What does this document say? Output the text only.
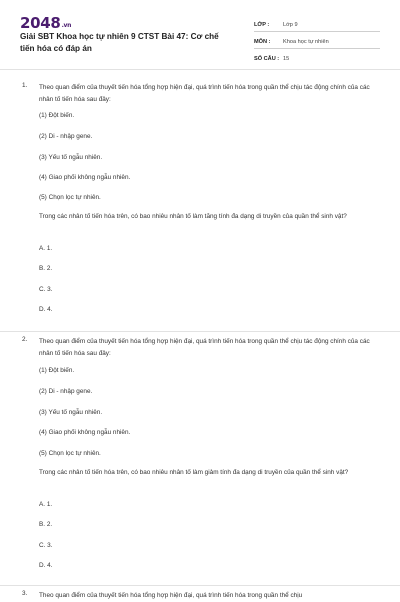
2048.vn
Giải SBT Khoa học tự nhiên 9 CTST Bài 47: Cơ chế tiến hóa có đáp án
LỚP :	Lớp 9
MÔN :	Khoa học tự nhiên
SỐ CÂU : 15
1. Theo quan điểm của thuyết tiến hóa tổng hợp hiện đại, quá trình tiến hóa trong quần thể chịu tác động chính của các nhân tố tiến hóa sau đây:
(1) Đột biến.
(2) Di - nhập gene.
(3) Yếu tố ngẫu nhiên.
(4) Giao phối không ngẫu nhiên.
(5) Chọn lọc tự nhiên.
Trong các nhân tố tiến hóa trên, có bao nhiêu nhân tố làm tăng tính đa dạng di truyền của quần thể sinh vật?
A. 1.
B. 2.
C. 3.
D. 4.
2. Theo quan điểm của thuyết tiến hóa tổng hợp hiện đại, quá trình tiến hóa trong quần thể chịu tác động chính của các nhân tố tiến hóa sau đây:
(1) Đột biến.
(2) Di - nhập gene.
(3) Yếu tố ngẫu nhiên.
(4) Giao phối không ngẫu nhiên.
(5) Chọn lọc tự nhiên.
Trong các nhân tố tiến hóa trên, có bao nhiêu nhân tố làm giảm tính đa dạng di truyền của quần thể sinh vật?
A. 1.
B. 2.
C. 3.
D. 4.
3. Theo quan điểm của thuyết tiến hóa tổng hợp hiện đại, quá trình tiến hóa trong quần thể chịu
